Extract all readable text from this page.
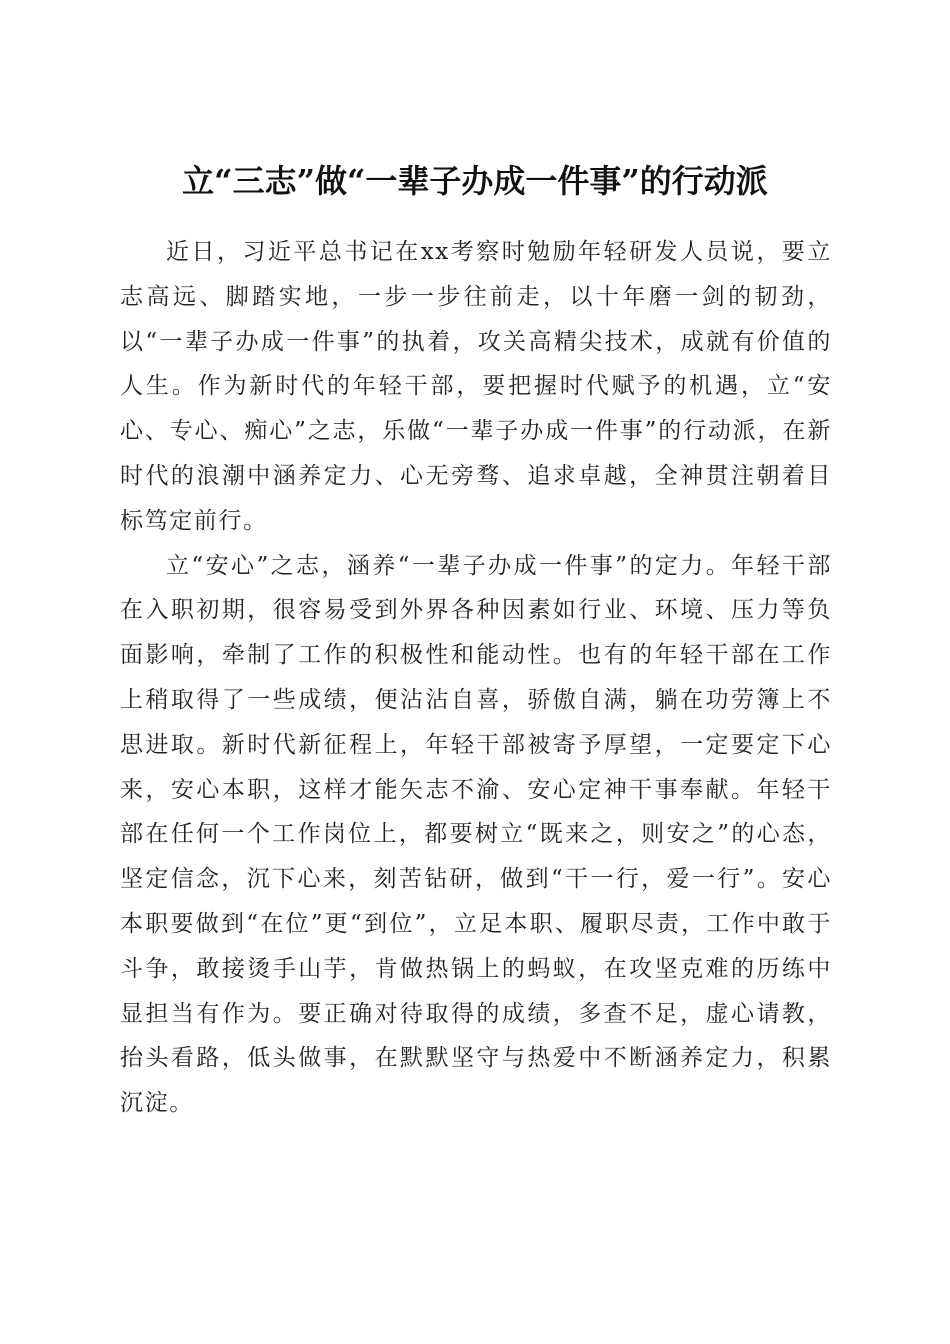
立“三志”做“一辈子办成一件事”的行动派

近日，习近平总书记在xx考察时勉励年轻研发人员说，要立志高远、脚踏实地，一步一步往前走，以十年磨一剑的韧劲，以“一辈子办成一件事”的执着，攻关高精尖技术，成就有价值的人生。作为新时代的年轻干部，要把握时代赋予的机遇，立“安心、专心、痴心”之志，乐做“一辈子办成一件事”的行动派，在新时代的浪潮中涵养定力、心无旁骛、追求卓越，全神贯注朝着目标笃定前行。

立“安心”之志，涵养“一辈子办成一件事”的定力。年轻干部在入职初期，很容易受到外界各种因素如行业、环境、压力等负面影响，牵制了工作的积极性和能动性。也有的年轻干部在工作上稍取得了一些成绩，便沾沾自喜，骄傲自满，躺在功劳簿上不思进取。新时代新征程上，年轻干部被寄予厚望，一定要定下心来，安心本职，这样才能矢志不渝、安心定神干事奉献。年轻干部在任何一个工作岗位上，都要树立“既来之，则安之”的心态，坚定信念，沉下心来，刻苦钻研，做到“干一行，爱一行”。安心本职要做到“在位”更“到位”，立足本职、履职尽责，工作中敢于斗争，敢接烫手山芋，肯做热锅上的蚂蚁，在攻坚克难的历练中显担当有作为。要正确对待取得的成绩，多查不足，虚心请教，抬头看路，低头做事，在默默坚守与热爱中不断涵养定力，积累沉淀。
